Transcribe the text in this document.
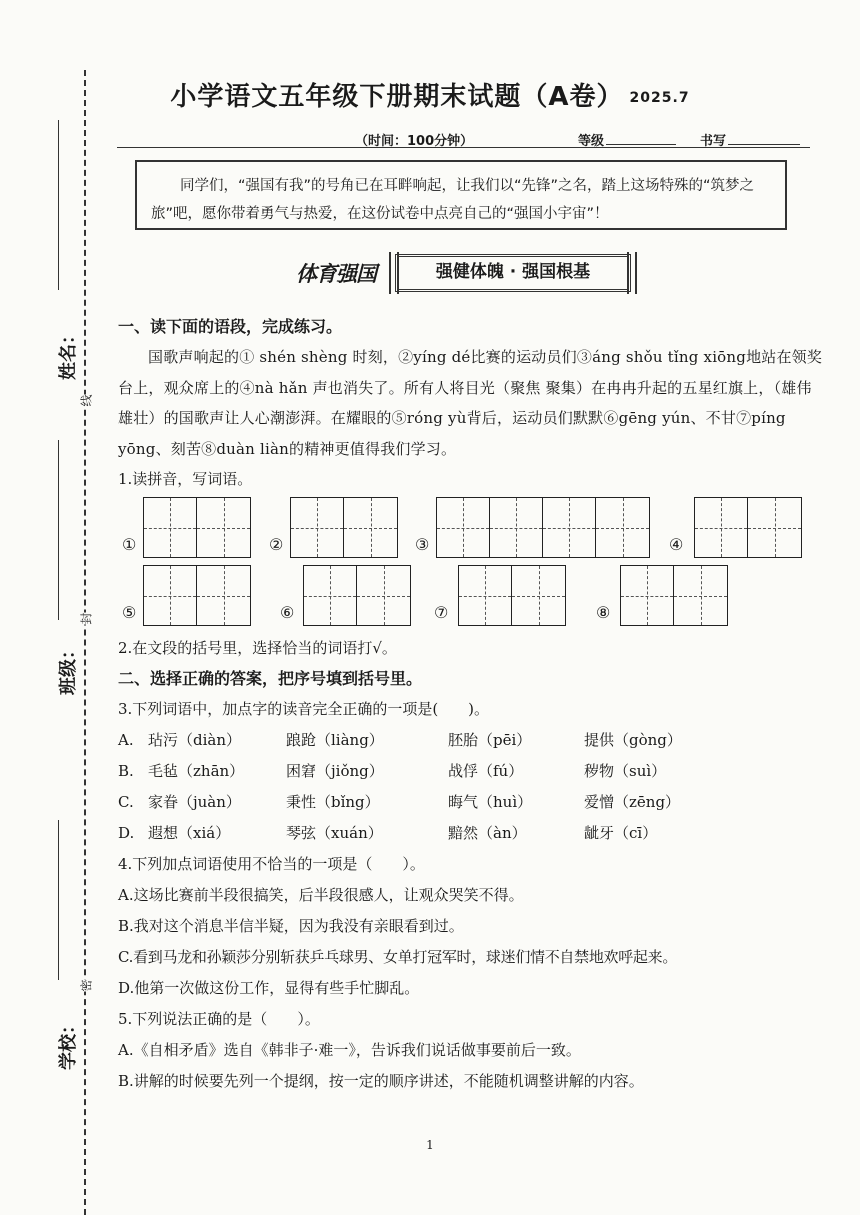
姓名：
线
班级：
封
密
学校：
小学语文五年级下册期末试题（A卷） 2025.7
（时间：100分钟）	等级	书写

同学们，“强国有我”的号角已在耳畔响起，让我们以“先锋”之名，踏上这场特殊的“筑梦之旅”吧，愿你带着勇气与热爱，在这份试卷中点亮自己的“强国小宇宙”！

体育强国	强健体魄 · 强国根基

一、读下面的语段，完成练习。

国歌声响起的① shén shèng 时刻，②yíng dé比赛的运动员们③áng shǒu tǐng xiōng地站在领奖台上，观众席上的④nà hǎn 声也消失了。所有人将目光（聚焦 聚集）在冉冉升起的五星红旗上，（雄伟 雄壮）的国歌声让人心潮澎湃。在耀眼的⑤róng yù背后，运动员们默默⑥gēng yún、不甘⑦píng yōng、刻苦⑧duàn liàn的精神更值得我们学习。

1.读拼音，写词语。

①	②	③	④
⑤	⑥	⑦	⑧

2.在文段的括号里，选择恰当的词语打√。

二、选择正确的答案，把序号填到括号里。

3.下列词语中，加点字的读音完全正确的一项是(　　)。

A. 玷污（diàn）	踉跄（liàng）	胚胎（pēi）	提供（gòng）
B. 毛毡（zhān）	困窘（jiǒng）	战俘（fú）	秽物（suì）
C. 家眷（juàn）	秉性（bǐng）	晦气（huì）	爱憎（zēng）
D. 遐想（xiá）	琴弦（xuán）	黯然（àn）	龇牙（cī）

4.下列加点词语使用不恰当的一项是（　　）。

A.这场比赛前半段很搞笑，后半段很感人，让观众哭笑不得。

B.我对这个消息半信半疑，因为我没有亲眼看到过。

C.看到马龙和孙颖莎分别斩获乒乓球男、女单打冠军时，球迷们情不自禁地欢呼起来。

D.他第一次做这份工作，显得有些手忙脚乱。

5.下列说法正确的是（　　）。

A.《自相矛盾》选自《韩非子·难一》，告诉我们说话做事要前后一致。

B.讲解的时候要先列一个提纲，按一定的顺序讲述，不能随机调整讲解的内容。

1
